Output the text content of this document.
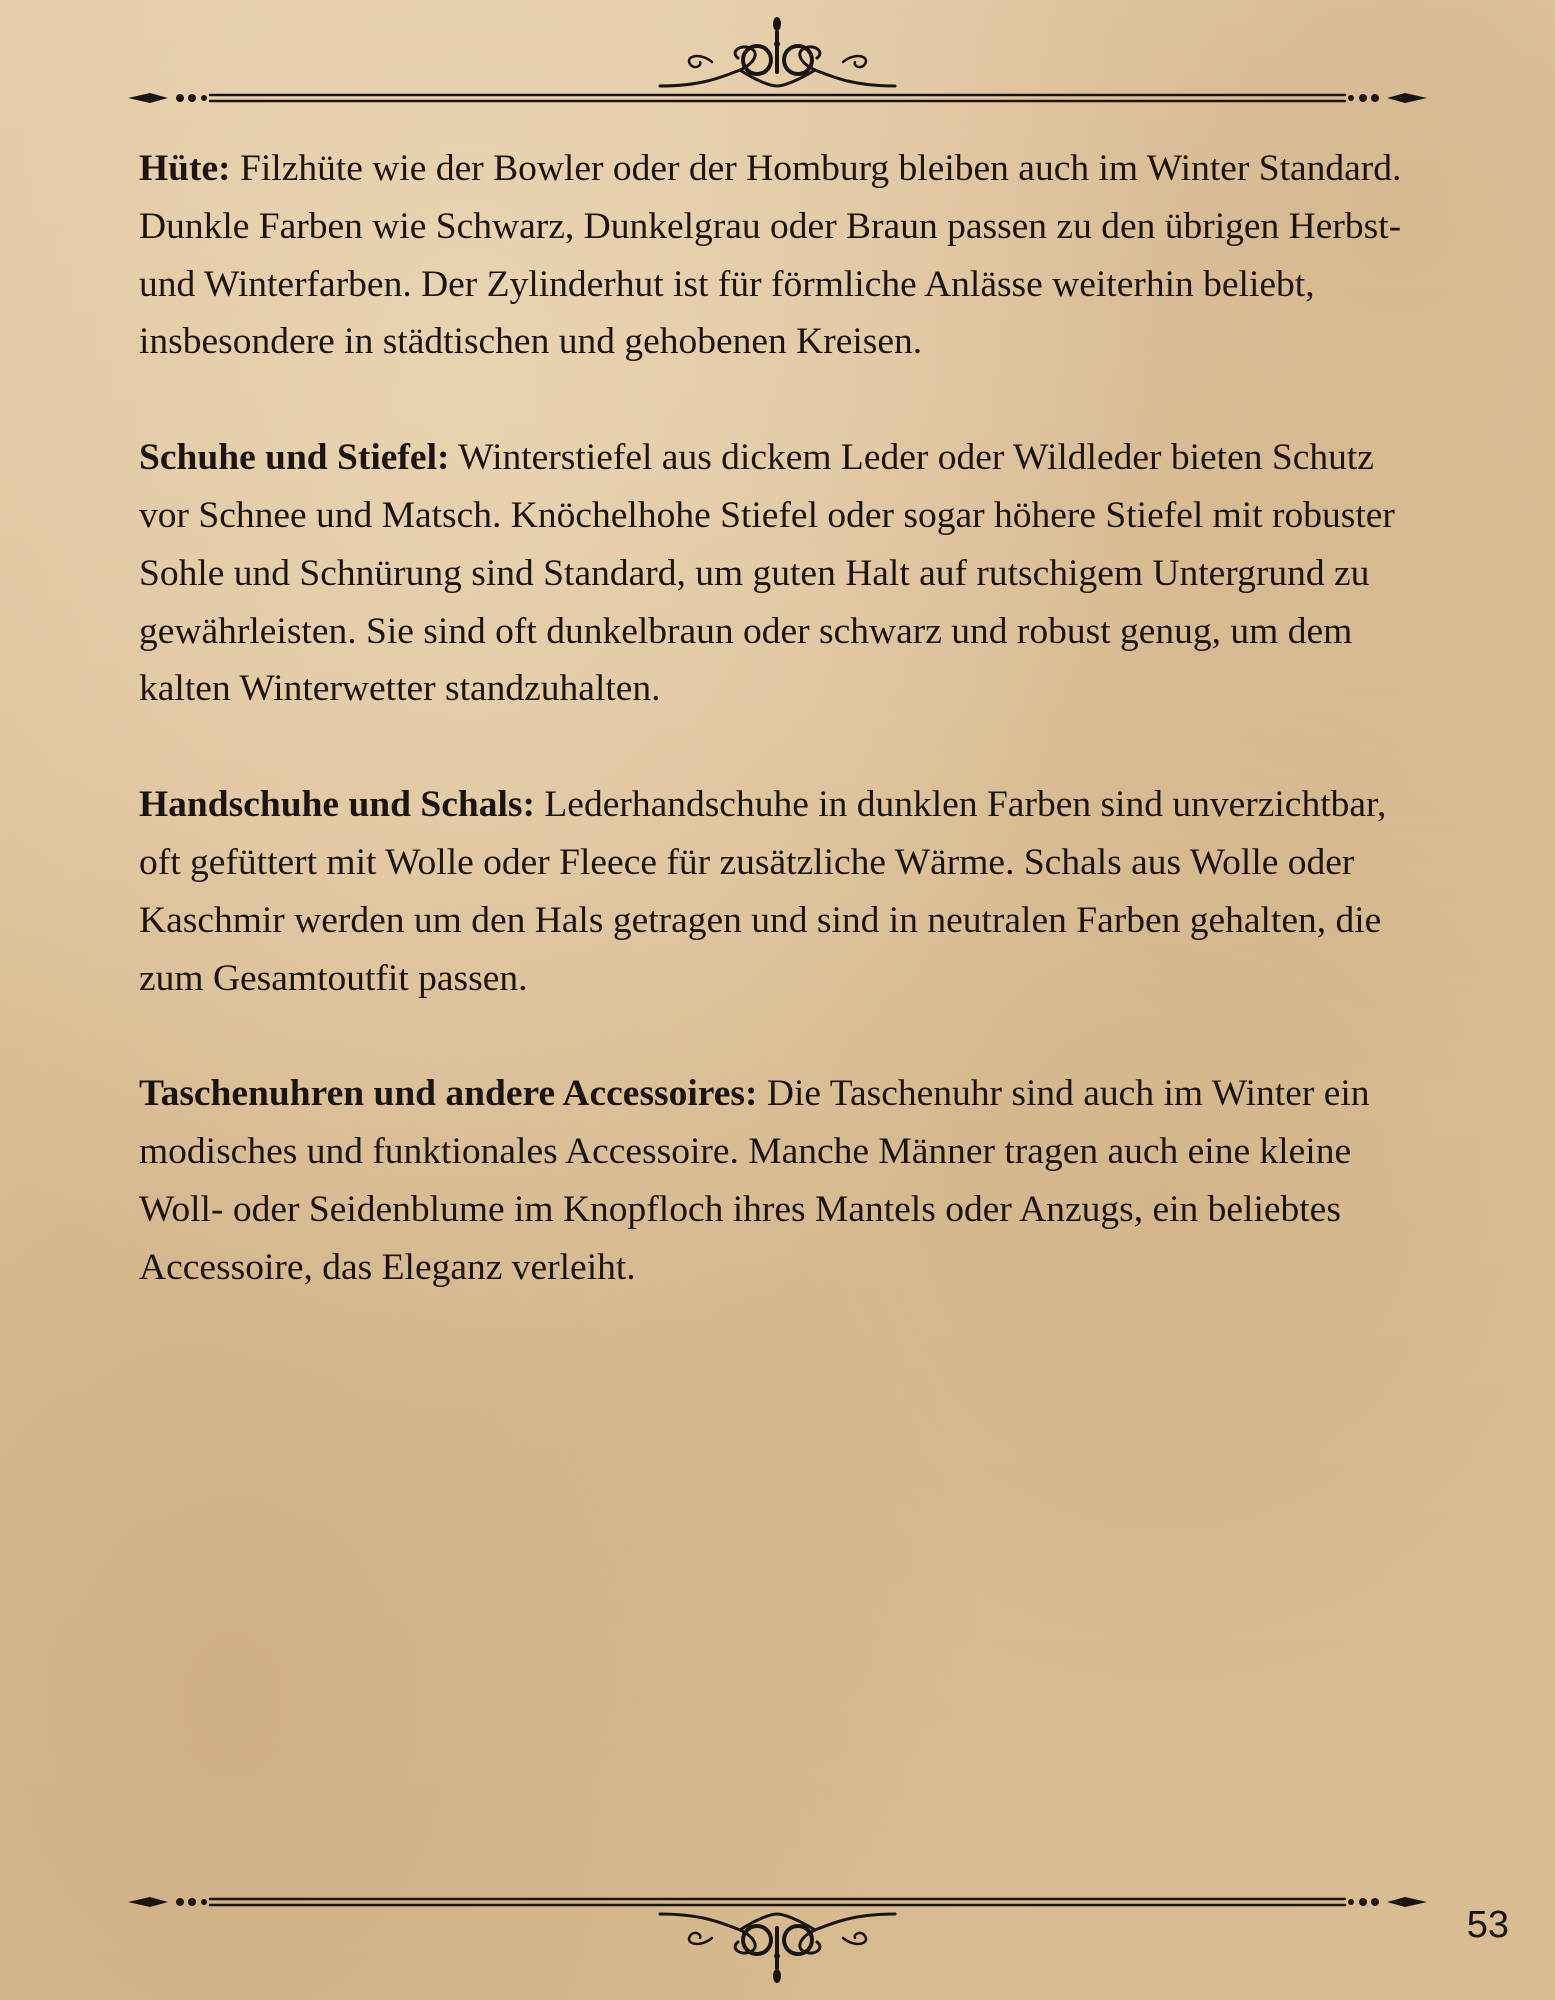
Hüte: Filzhüte wie der Bowler oder der Homburg bleiben auch im Winter Standard. Dunkle Farben wie Schwarz, Dunkelgrau oder Braun passen zu den übrigen Herbst- und Winterfarben. Der Zylinderhut ist für förmliche Anlässe weiterhin beliebt, insbesondere in städtischen und gehobenen Kreisen.

Schuhe und Stiefel: Winterstiefel aus dickem Leder oder Wildleder bieten Schutz vor Schnee und Matsch. Knöchelhohe Stiefel oder sogar höhere Stiefel mit robuster Sohle und Schnürung sind Standard, um guten Halt auf rutschigem Untergrund zu gewährleisten. Sie sind oft dunkelbraun oder schwarz und robust genug, um dem kalten Winterwetter standzuhalten.

Handschuhe und Schals: Lederhandschuhe in dunklen Farben sind unverzichtbar, oft gefüttert mit Wolle oder Fleece für zusätzliche Wärme. Schals aus Wolle oder Kaschmir werden um den Hals getragen und sind in neutralen Farben gehalten, die zum Gesamtoutfit passen.

Taschenuhren und andere Accessoires: Die Taschenuhr sind auch im Winter ein modisches und funktionales Accessoire. Manche Männer tragen auch eine kleine Woll- oder Seidenblume im Knopfloch ihres Mantels oder Anzugs, ein beliebtes Accessoire, das Eleganz verleiht.

53
